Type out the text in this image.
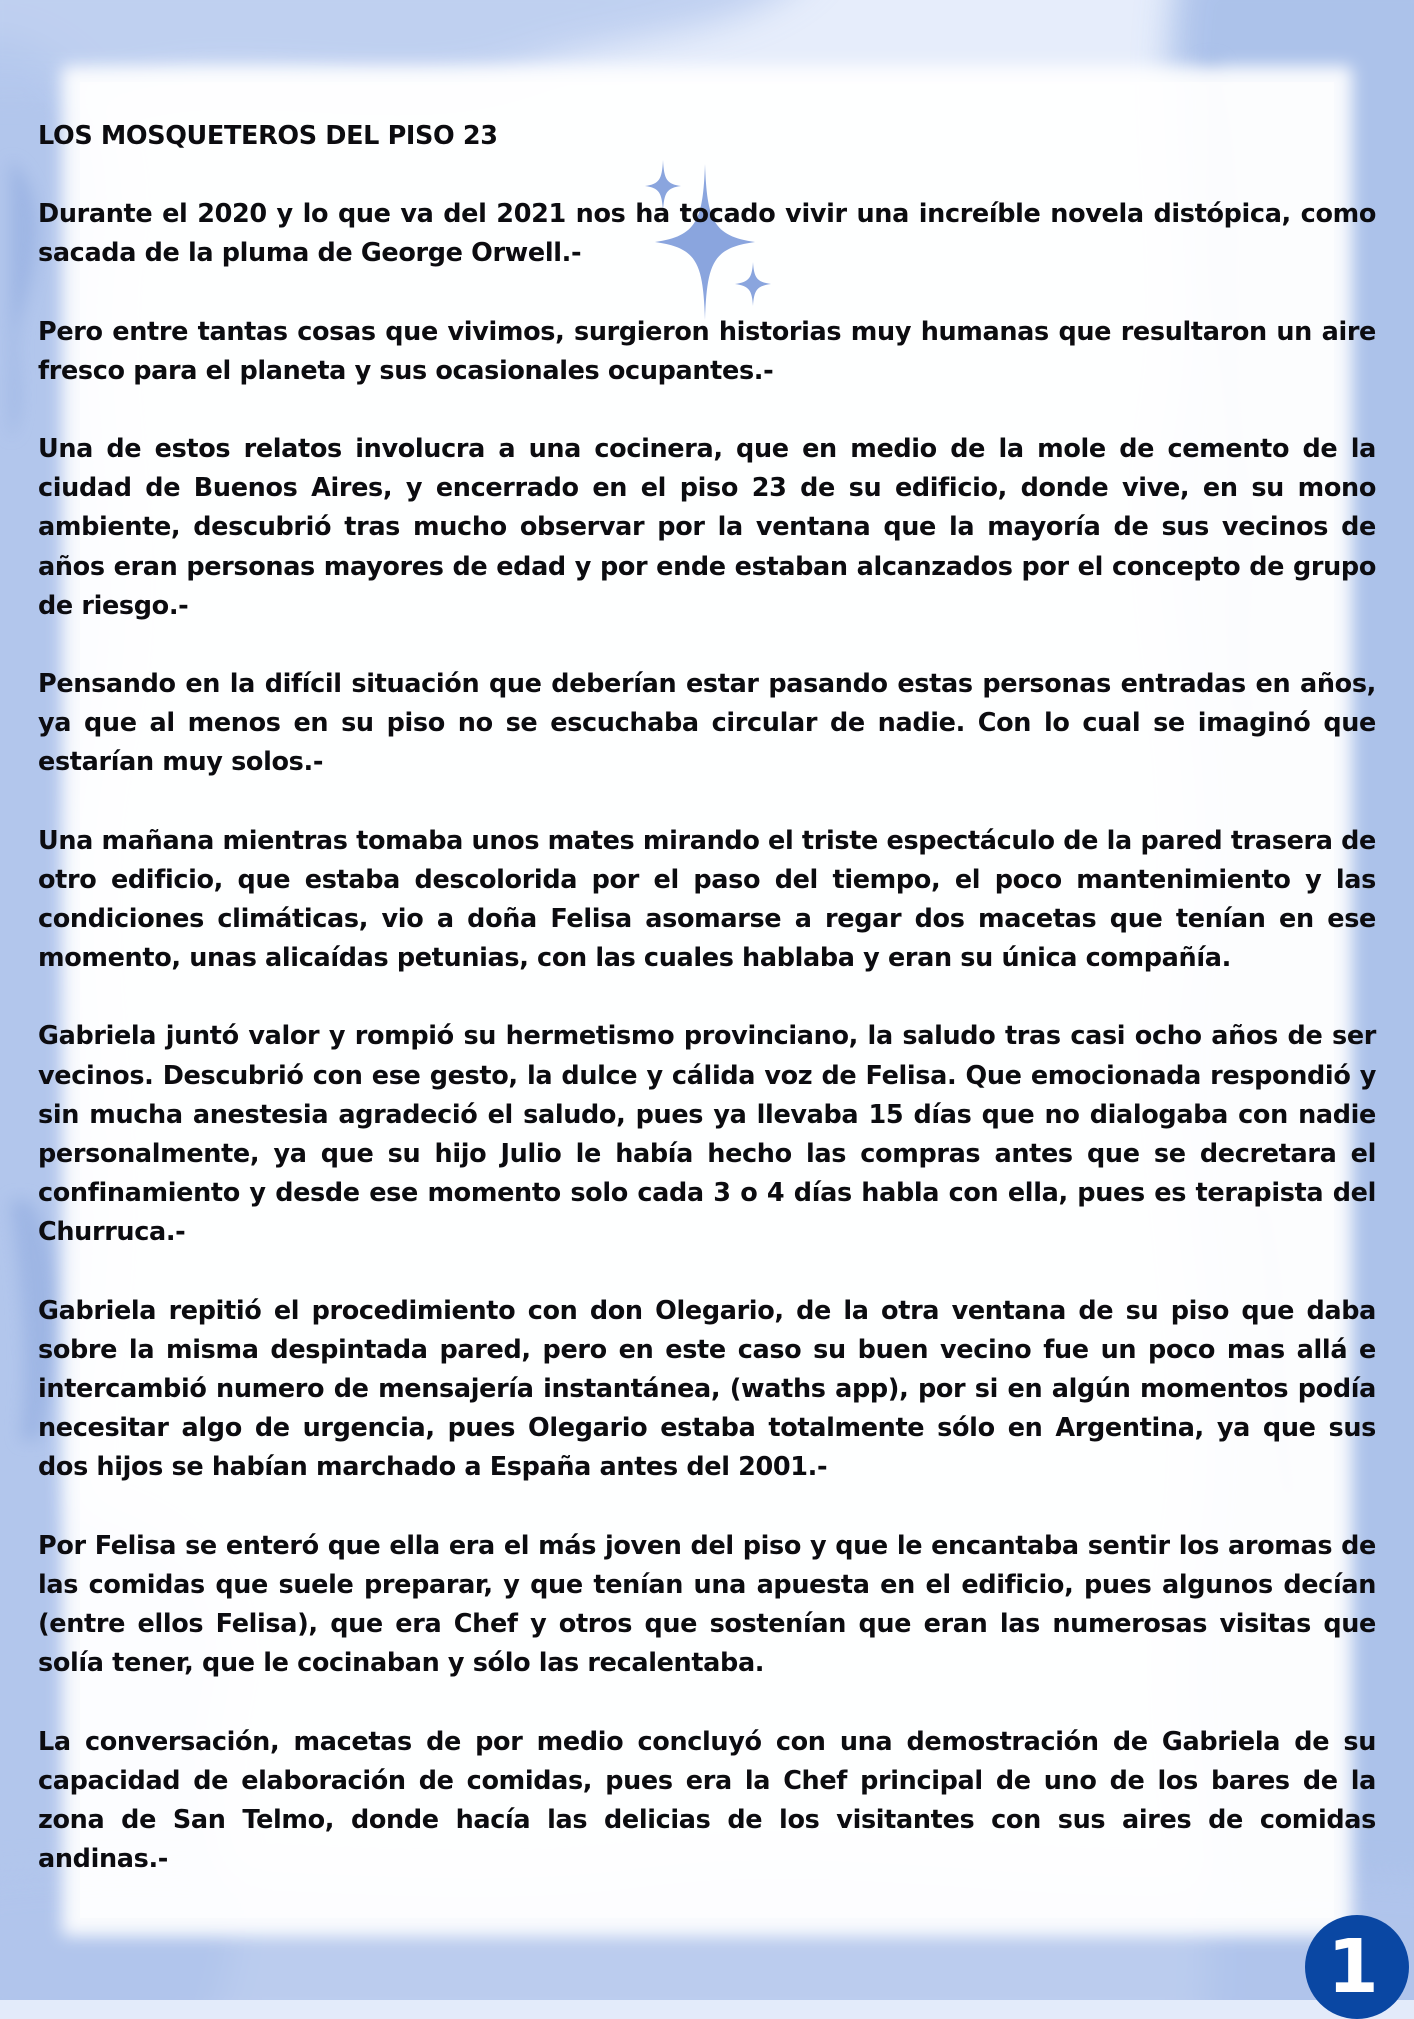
LOS MOSQUETEROS DEL PISO 23

Durante el 2020 y lo que va del 2021 nos ha tocado vivir una increíble novela distópica, como sacada de la pluma de George Orwell.-

Pero entre tantas cosas que vivimos, surgieron historias muy humanas que resultaron un aire fresco para el planeta y sus ocasionales ocupantes.-

Una de estos relatos involucra a una cocinera, que en medio de la mole de cemento de la ciudad de Buenos Aires, y encerrado en el piso 23 de su edificio, donde vive, en su mono ambiente, descubrió tras mucho observar por la ventana que la mayoría de sus vecinos de años eran personas mayores de edad y por ende estaban alcanzados por el concepto de grupo de riesgo.-

Pensando en la difícil situación que deberían estar pasando estas personas entradas en años, ya que al menos en su piso no se escuchaba circular de nadie. Con lo cual se imaginó que estarían muy solos.-

Una mañana mientras tomaba unos mates mirando el triste espectáculo de la pared trasera de otro edificio, que estaba descolorida por el paso del tiempo, el poco mantenimiento y las condiciones climáticas, vio a doña Felisa asomarse a regar dos macetas que tenían en ese momento, unas alicaídas petunias, con las cuales hablaba y eran su única compañía.

Gabriela juntó valor y rompió su hermetismo provinciano, la saludo tras casi ocho años de ser vecinos. Descubrió con ese gesto, la dulce y cálida voz de Felisa. Que emocionada respondió y sin mucha anestesia agradeció el saludo, pues ya llevaba 15 días que no dialogaba con nadie personalmente, ya que su hijo Julio le había hecho las compras antes que se decretara el confinamiento y desde ese momento solo cada 3 o 4 días habla con ella, pues es terapista del Churruca.-

Gabriela repitió el procedimiento con don Olegario, de la otra ventana de su piso que daba sobre la misma despintada pared, pero en este caso su buen vecino fue un poco mas allá e intercambió numero de mensajería instantánea, (waths app), por si en algún momentos podía necesitar algo de urgencia, pues Olegario estaba totalmente sólo en Argentina, ya que sus dos hijos se habían marchado a España antes del 2001.-

Por Felisa se enteró que ella era el más joven del piso y que le encantaba sentir los aromas de las comidas que suele preparar, y que tenían una apuesta en el edificio, pues algunos decían (entre ellos Felisa), que era Chef y otros que sostenían que eran las numerosas visitas que solía tener, que le cocinaban y sólo las recalentaba.

La conversación, macetas de por medio concluyó con una demostración de Gabriela de su capacidad de elaboración de comidas, pues era la Chef principal de uno de los bares de la zona de San Telmo, donde hacía las delicias de los visitantes con sus aires de comidas andinas.-

1
